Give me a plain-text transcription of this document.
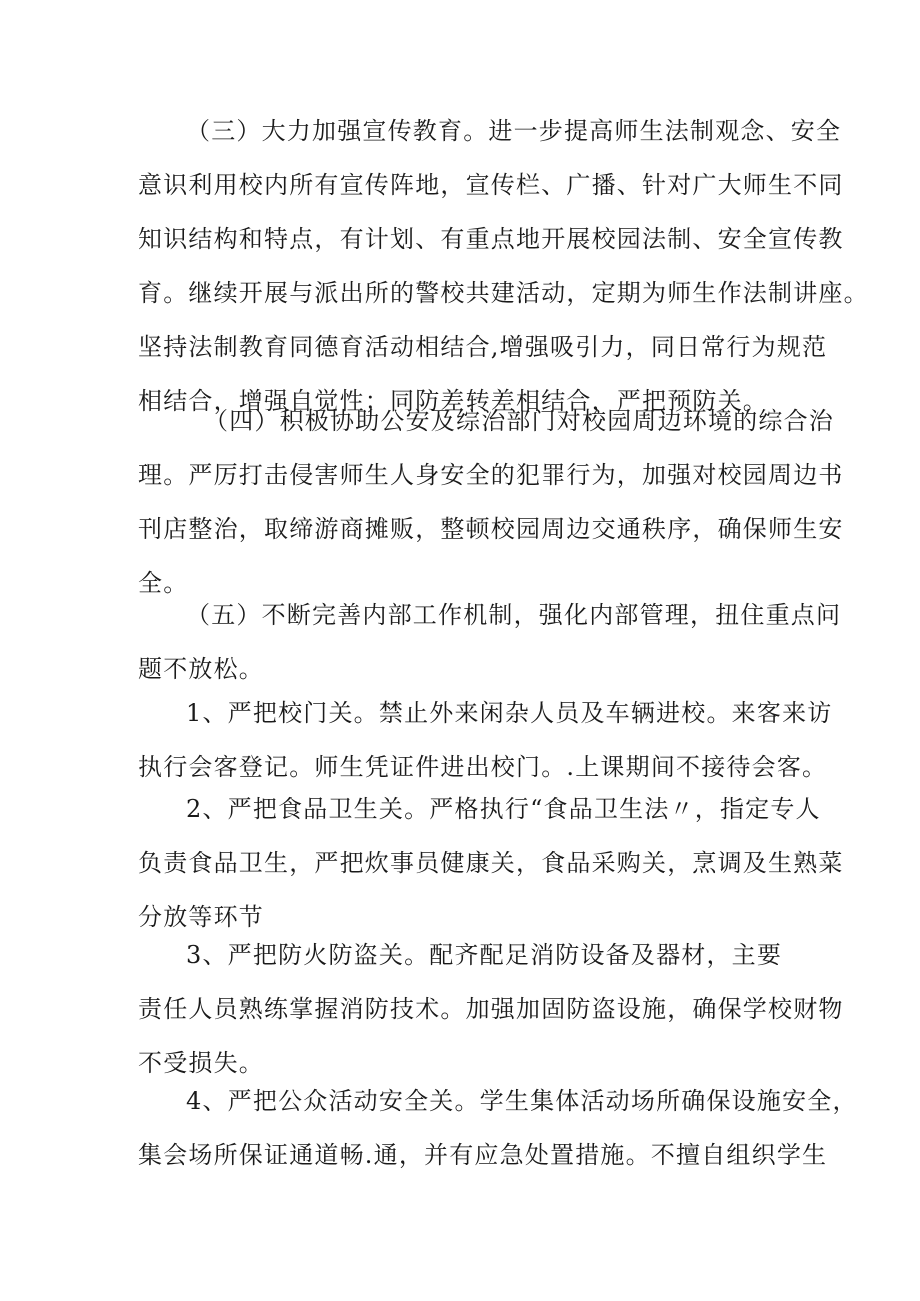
（三）大力加强宣传教育。进一步提高师生法制观念、安全
意识利用校内所有宣传阵地，宣传栏、广播、针对广大师生不同
知识结构和特点，有计划、有重点地开展校园法制、安全宣传教
育。继续开展与派出所的警校共建活动，定期为师生作法制讲座。
坚持法制教育同德育活动相结合,增强吸引力，同日常行为规范
相结合，增强自觉性；同防差转差相结合，严把预防关。
（四）积极协助公安及综治部门对校园周边环境的综合治
理。严厉打击侵害师生人身安全的犯罪行为，加强对校园周边书
刊店整治，取缔游商摊贩，整顿校园周边交通秩序，确保师生安
全。
（五）不断完善内部工作机制，强化内部管理，扭住重点问
题不放松。
1、严把校门关。禁止外来闲杂人员及车辆进校。来客来访
执行会客登记。师生凭证件进出校门。.上课期间不接待会客。
2、严把食品卫生关。严格执行“食品卫生法〃，指定专人
负责食品卫生，严把炊事员健康关，食品采购关，烹调及生熟菜
分放等环节
3、严把防火防盗关。配齐配足消防设备及器材，主要
责任人员熟练掌握消防技术。加强加固防盗设施，确保学校财物
不受损失。
4、严把公众活动安全关。学生集体活动场所确保设施安全，
集会场所保证通道畅.通，并有应急处置措施。不擅自组织学生
